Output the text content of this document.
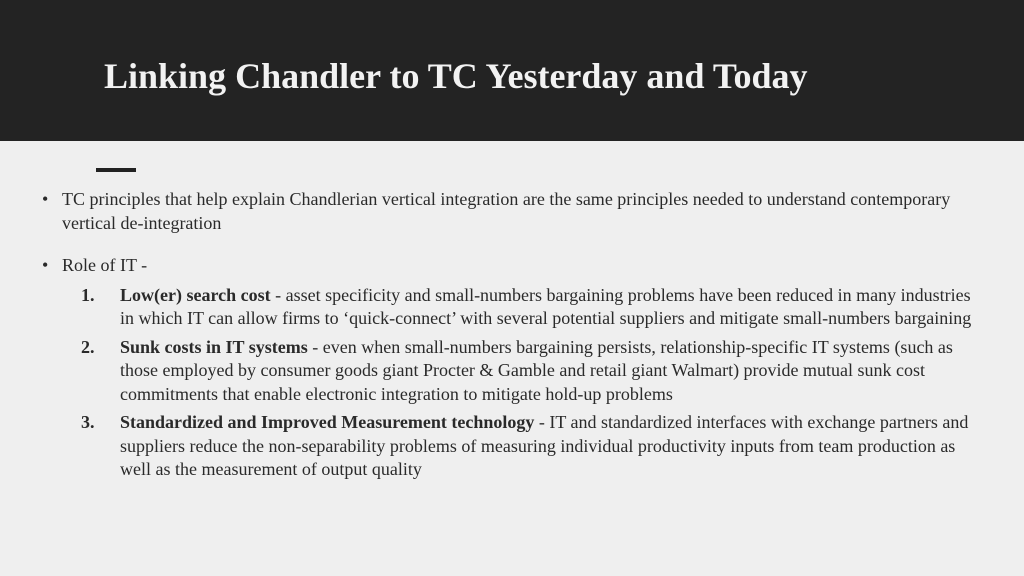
Linking Chandler to TC Yesterday and Today
• TC principles that help explain Chandlerian vertical integration are the same principles needed to understand contemporary vertical de-integration
• Role of IT -
1. Low(er) search cost - asset specificity and small-numbers bargaining problems have been reduced in many industries in which IT can allow firms to ‘quick-connect’ with several potential suppliers and mitigate small-numbers bargaining
2. Sunk costs in IT systems - even when small-numbers bargaining persists, relationship-specific IT systems (such as those employed by consumer goods giant Procter & Gamble and retail giant Walmart) provide mutual sunk cost commitments that enable electronic integration to mitigate hold-up problems
3. Standardized and Improved Measurement technology - IT and standardized interfaces with exchange partners and suppliers reduce the non-separability problems of measuring individual productivity inputs from team production as well as the measurement of output quality
